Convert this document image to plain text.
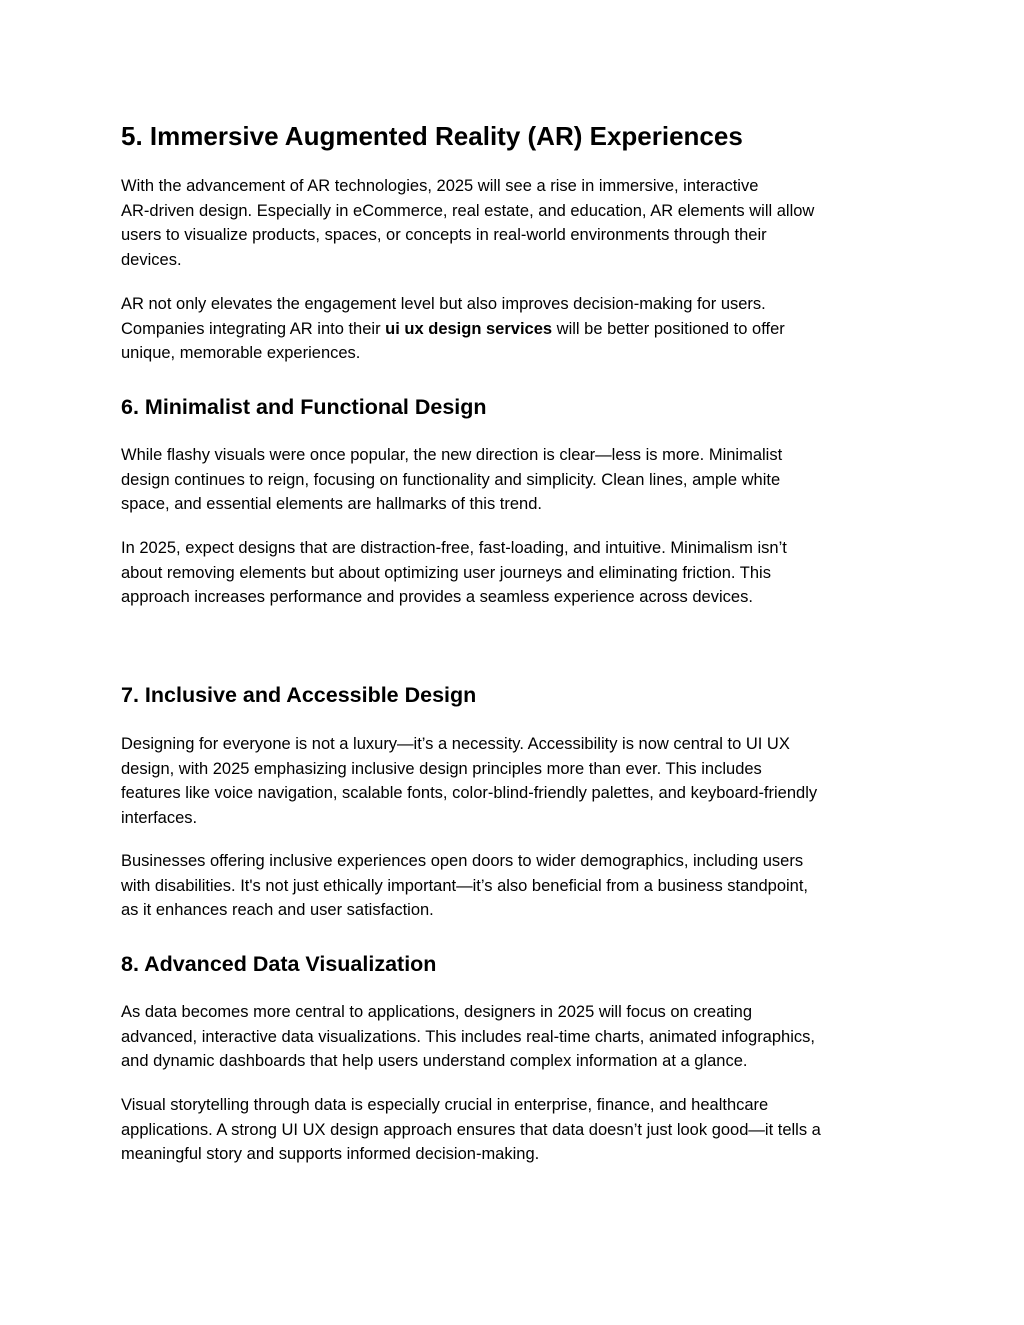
5. Immersive Augmented Reality (AR) Experiences

With the advancement of AR technologies, 2025 will see a rise in immersive, interactive
AR-driven design. Especially in eCommerce, real estate, and education, AR elements will allow
users to visualize products, spaces, or concepts in real-world environments through their
devices.

AR not only elevates the engagement level but also improves decision-making for users.
Companies integrating AR into their ui ux design services will be better positioned to offer
unique, memorable experiences.

6. Minimalist and Functional Design

While flashy visuals were once popular, the new direction is clear—less is more. Minimalist
design continues to reign, focusing on functionality and simplicity. Clean lines, ample white
space, and essential elements are hallmarks of this trend.

In 2025, expect designs that are distraction-free, fast-loading, and intuitive. Minimalism isn’t
about removing elements but about optimizing user journeys and eliminating friction. This
approach increases performance and provides a seamless experience across devices.

7. Inclusive and Accessible Design

Designing for everyone is not a luxury—it’s a necessity. Accessibility is now central to UI UX
design, with 2025 emphasizing inclusive design principles more than ever. This includes
features like voice navigation, scalable fonts, color-blind-friendly palettes, and keyboard-friendly
interfaces.

Businesses offering inclusive experiences open doors to wider demographics, including users
with disabilities. It's not just ethically important—it’s also beneficial from a business standpoint,
as it enhances reach and user satisfaction.

8. Advanced Data Visualization

As data becomes more central to applications, designers in 2025 will focus on creating
advanced, interactive data visualizations. This includes real-time charts, animated infographics,
and dynamic dashboards that help users understand complex information at a glance.

Visual storytelling through data is especially crucial in enterprise, finance, and healthcare
applications. A strong UI UX design approach ensures that data doesn’t just look good—it tells a
meaningful story and supports informed decision-making.
